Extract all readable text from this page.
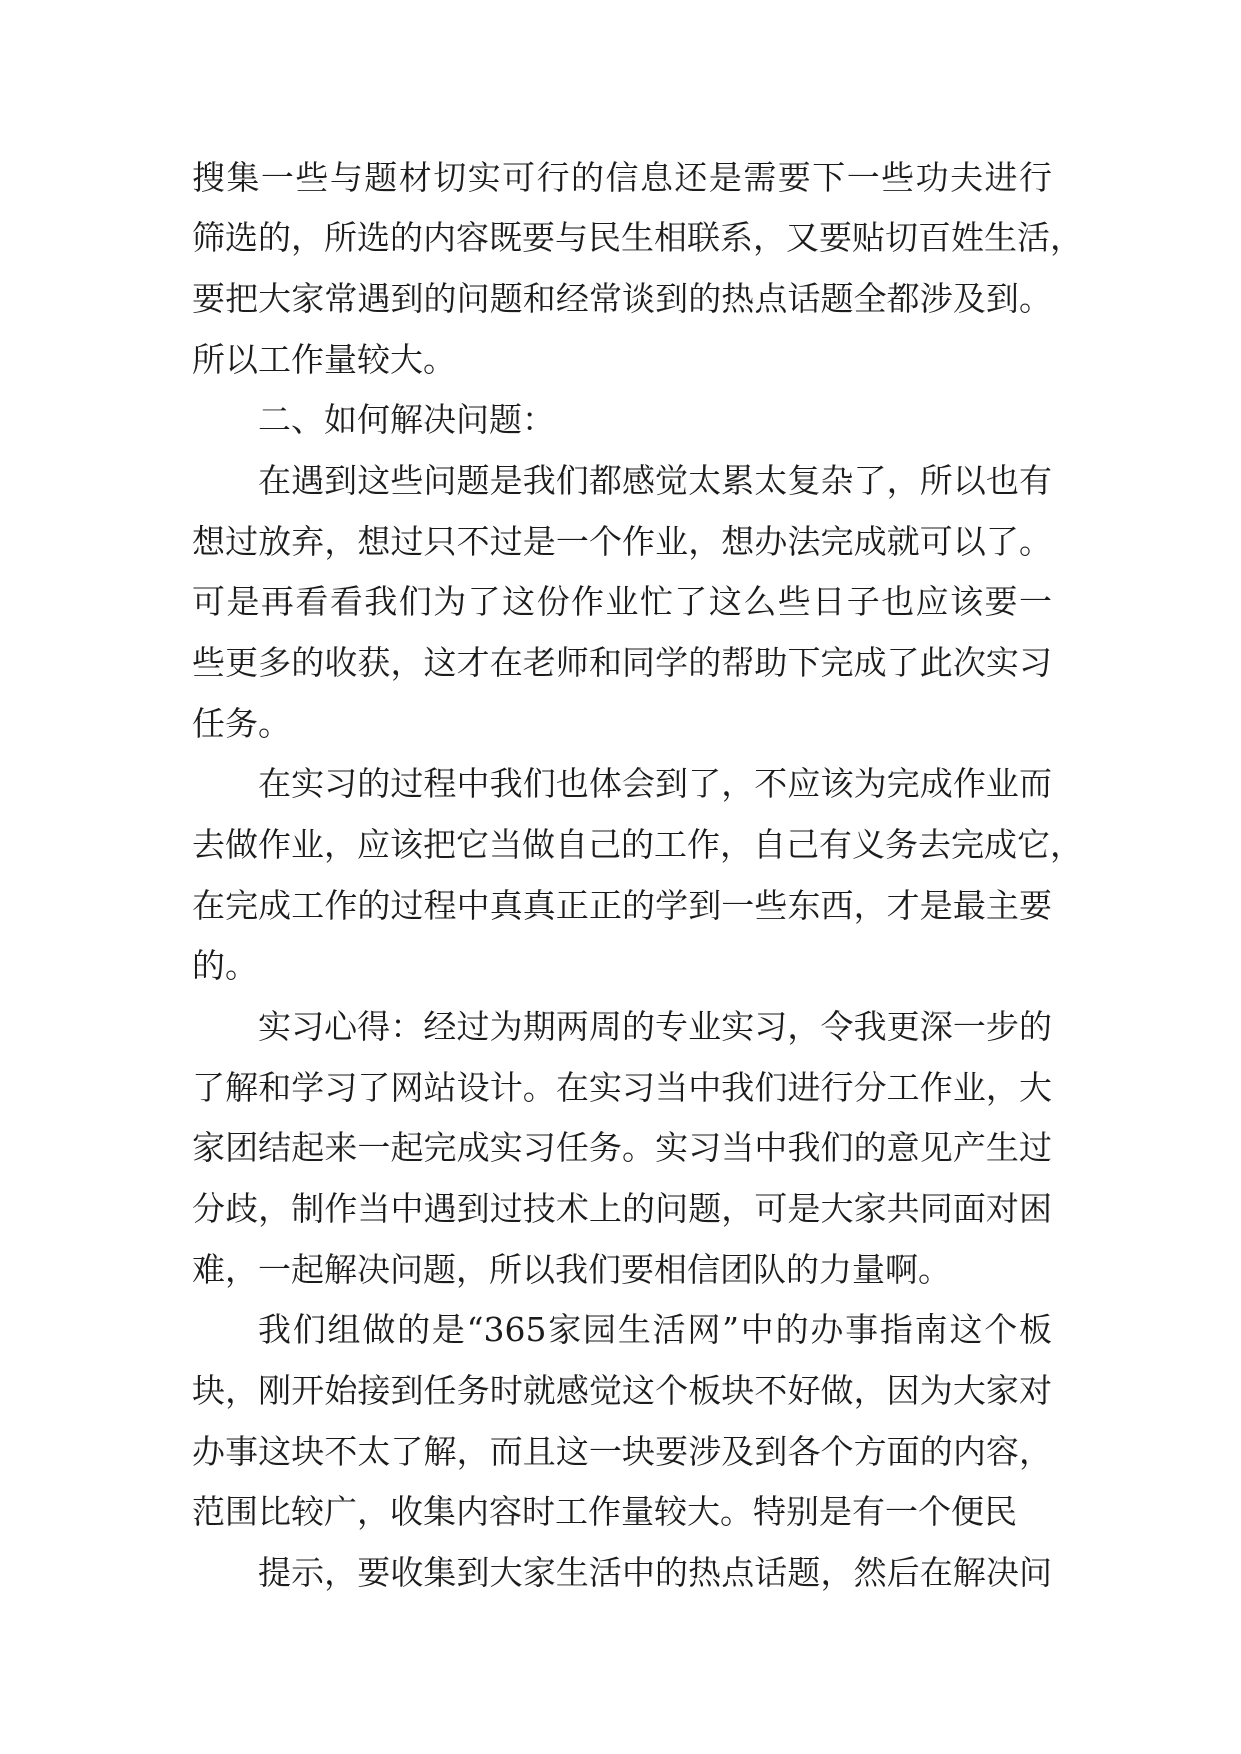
搜集一些与题材切实可行的信息还是需要下一些功夫进行
筛选的，所选的内容既要与民生相联系，又要贴切百姓生活，
要把大家常遇到的问题和经常谈到的热点话题全都涉及到。
所以工作量较大。
二、如何解决问题：
在遇到这些问题是我们都感觉太累太复杂了，所以也有
想过放弃，想过只不过是一个作业，想办法完成就可以了。
可是再看看我们为了这份作业忙了这么些日子也应该要一
些更多的收获，这才在老师和同学的帮助下完成了此次实习
任务。
在实习的过程中我们也体会到了，不应该为完成作业而
去做作业，应该把它当做自己的工作，自己有义务去完成它，
在完成工作的过程中真真正正的学到一些东西，才是最主要
的。
实习心得：经过为期两周的专业实习，令我更深一步的
了解和学习了网站设计。在实习当中我们进行分工作业，大
家团结起来一起完成实习任务。实习当中我们的意见产生过
分歧，制作当中遇到过技术上的问题，可是大家共同面对困
难，一起解决问题，所以我们要相信团队的力量啊。
我们组做的是“365家园生活网”中的办事指南这个板
块，刚开始接到任务时就感觉这个板块不好做，因为大家对
办事这块不太了解，而且这一块要涉及到各个方面的内容，
范围比较广，收集内容时工作量较大。特别是有一个便民
提示，要收集到大家生活中的热点话题，然后在解决问
